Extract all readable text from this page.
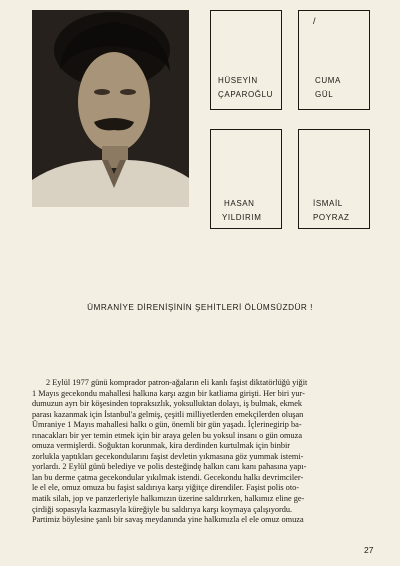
HÜSEYİN
ÇAPAROĞLU
/
CUMA
GÜL
HASAN
YILDIRIM
İSMAİL
POYRAZ
ÜMRANİYE DİRENİŞİNİN ŞEHİTLERİ ÖLÜMSÜZDÜR !
2 Eylül 1977 günü komprador patron-ağaların eli kanlı faşist diktatörlüğü yiğit
1 Mayıs gecekondu mahallesi halkına karşı azgın bir katliama girişti. Her biri yur-
dumuzun ayrı bir köşesinden topraksızlık, yoksulluktan dolayı, iş bulmak, ekmek
parası kazanmak için İstanbul'a gelmiş, çeşitli milliyetlerden emekçilerden oluşan
Ümraniye 1 Mayıs mahallesi halkı o gün, önemli bir gün yaşadı. İçlerinegirip ba-
rınacakları bir yer temin etmek için bir araya gelen bu yoksul insanı o gün omuza
omuza vermişlerdi. Soğuktan korunmak, kira derdinden kurtulmak için binbir
zorlukla yaptıkları gecekondularını faşist devletin yıkmasına göz yummak istemi-
yorlardı. 2 Eylül günü belediye ve polis desteğindę halkın canı kanı pahasına yapı-
lan bu derme çatma gecekondular yıkılmak istendi. Gecekondu halkı devrimciler-
le el ele, omuz omuza bu faşist saldırıya karşı yiğitçe direndiler. Faşist polis oto-
matik silah, jop ve panzerleriyle halkımızın üzerine saldırırken, halkımız eline ge-
çirdiği sopasıyla kazmasıyla küreğiyle bu saldırıya karşı koymaya çalışıyordu.
Partimiz böylesine şanlı bir savaş meydanında yine halkımızla el ele omuz omuza
27
